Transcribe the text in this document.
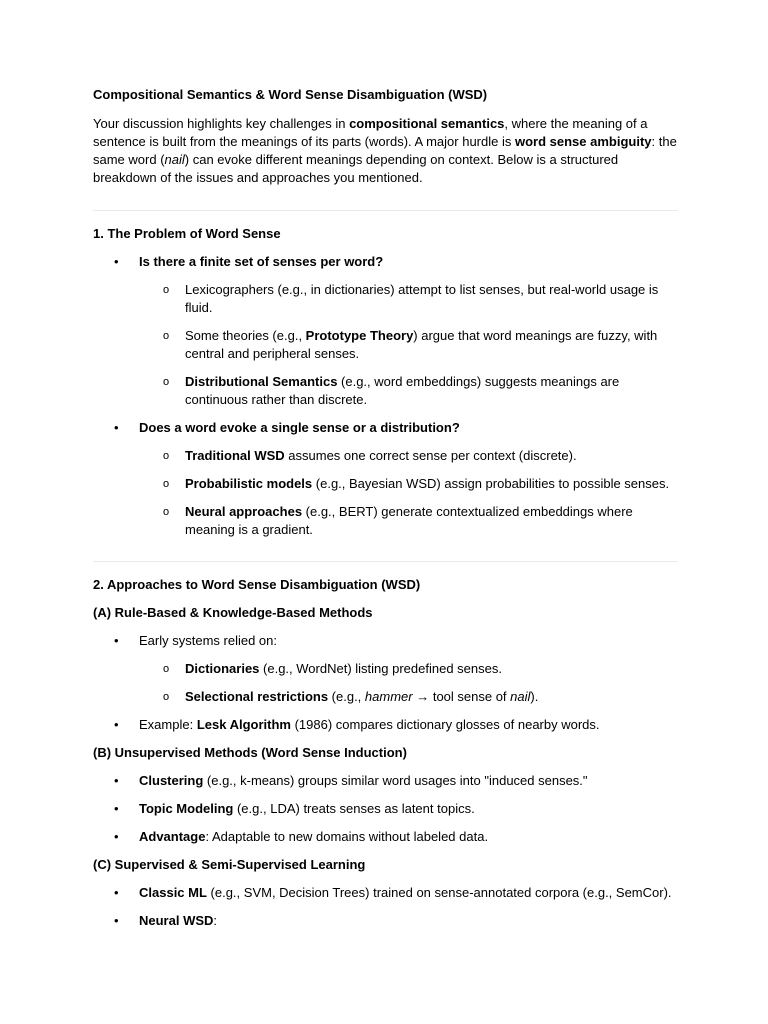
Compositional Semantics & Word Sense Disambiguation (WSD)

Your discussion highlights key challenges in compositional semantics, where the meaning of a sentence is built from the meanings of its parts (words). A major hurdle is word sense ambiguity: the same word (nail) can evoke different meanings depending on context. Below is a structured breakdown of the issues and approaches you mentioned.

1. The Problem of Word Sense
• Is there a finite set of senses per word?
o Lexicographers (e.g., in dictionaries) attempt to list senses, but real-world usage is fluid.
o Some theories (e.g., Prototype Theory) argue that word meanings are fuzzy, with central and peripheral senses.
o Distributional Semantics (e.g., word embeddings) suggests meanings are continuous rather than discrete.
• Does a word evoke a single sense or a distribution?
o Traditional WSD assumes one correct sense per context (discrete).
o Probabilistic models (e.g., Bayesian WSD) assign probabilities to possible senses.
o Neural approaches (e.g., BERT) generate contextualized embeddings where meaning is a gradient.
2. Approaches to Word Sense Disambiguation (WSD)
(A) Rule-Based & Knowledge-Based Methods
• Early systems relied on:
o Dictionaries (e.g., WordNet) listing predefined senses.
o Selectional restrictions (e.g., hammer → tool sense of nail).
• Example: Lesk Algorithm (1986) compares dictionary glosses of nearby words.
(B) Unsupervised Methods (Word Sense Induction)
• Clustering (e.g., k-means) groups similar word usages into "induced senses."
• Topic Modeling (e.g., LDA) treats senses as latent topics.
• Advantage: Adaptable to new domains without labeled data.
(C) Supervised & Semi-Supervised Learning
• Classic ML (e.g., SVM, Decision Trees) trained on sense-annotated corpora (e.g., SemCor).
• Neural WSD:
